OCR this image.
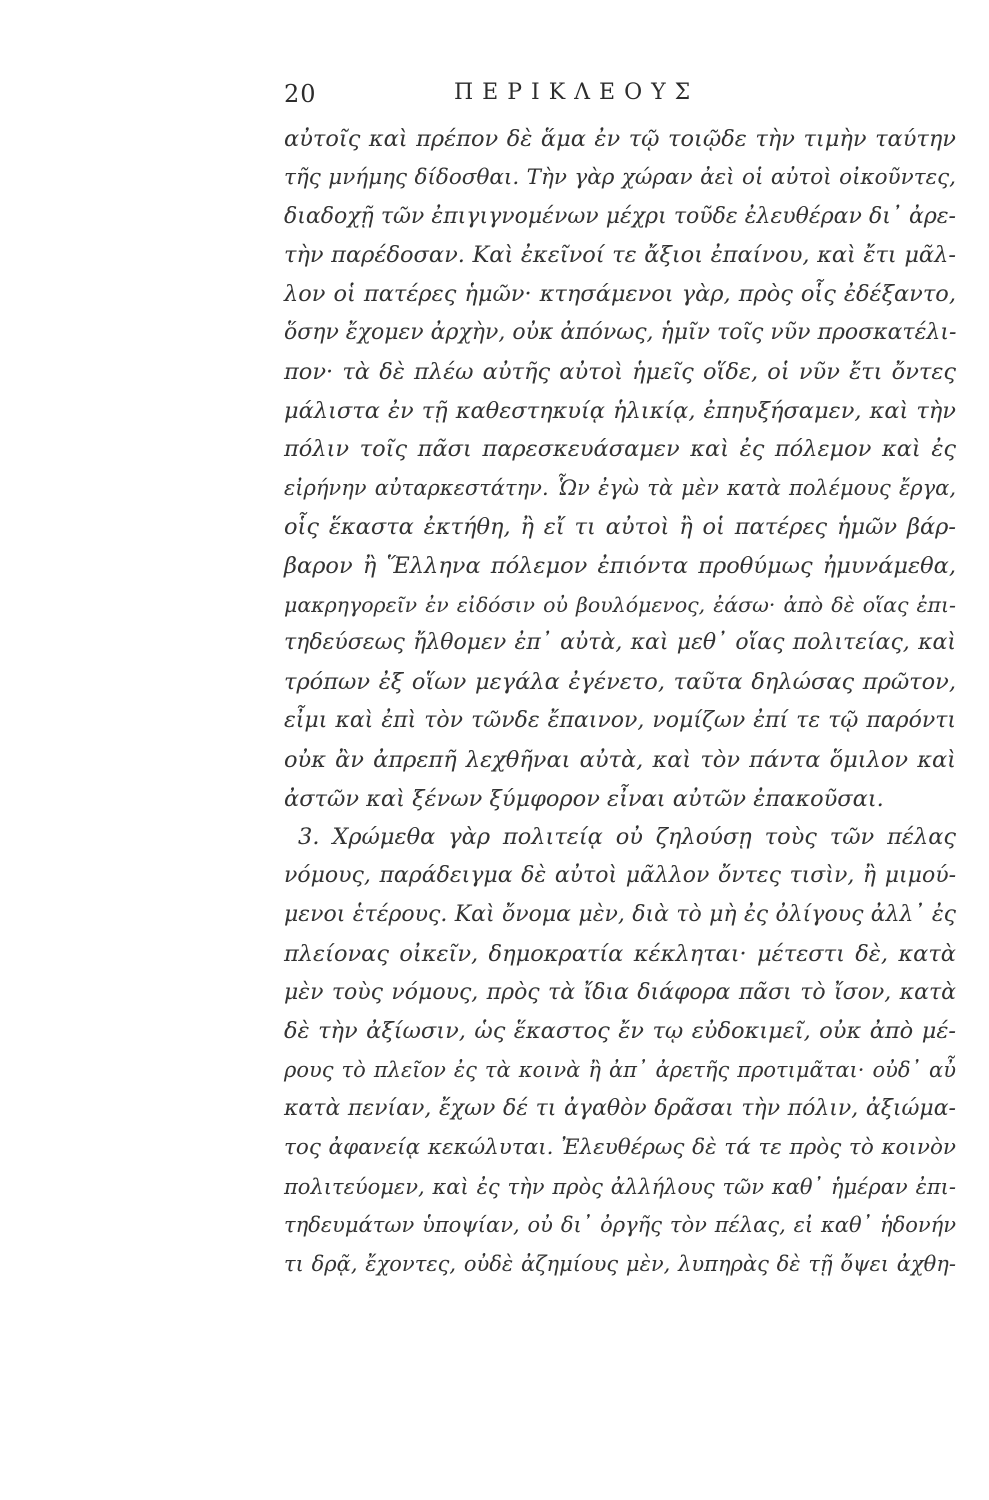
20	ΠΕΡΙΚΛΕΟΥΣ
αὐτοῖς καὶ πρέπον δὲ ἅμα ἐν τῷ τοιῷδε τὴν τιμὴν ταύτην
τῆς μνήμης δίδοσθαι. Τὴν γὰρ χώραν ἀεὶ οἱ αὐτοὶ οἰκοῦντες,
διαδοχῇ τῶν ἐπιγιγνομένων μέχρι τοῦδε ἐλευθέραν δι᾽ ἀρε-
τὴν παρέδοσαν. Καὶ ἐκεῖνοί τε ἄξιοι ἐπαίνου, καὶ ἔτι μᾶλ-
λον οἱ πατέρες ἡμῶν· κτησάμενοι γὰρ, πρὸς οἷς ἐδέξαντο,
ὅσην ἔχομεν ἀρχὴν, οὐκ ἀπόνως, ἡμῖν τοῖς νῦν προσκατέλι-
πον· τὰ δὲ πλέω αὐτῆς αὐτοὶ ἡμεῖς οἵδε, οἱ νῦν ἔτι ὄντες
μάλιστα ἐν τῇ καθεστηκυίᾳ ἡλικίᾳ, ἐπηυξήσαμεν, καὶ τὴν
πόλιν τοῖς πᾶσι παρεσκευάσαμεν καὶ ἐς πόλεμον καὶ ἐς
εἰρήνην αὐταρκεστάτην. Ὧν ἐγὼ τὰ μὲν κατὰ πολέμους ἔργα,
οἷς ἕκαστα ἐκτήθη, ἢ εἴ τι αὐτοὶ ἢ οἱ πατέρες ἡμῶν βάρ-
βαρον ἢ Ἕλληνα πόλεμον ἐπιόντα προθύμως ἠμυνάμεθα,
μακρηγορεῖν ἐν εἰδόσιν οὐ βουλόμενος, ἐάσω· ἀπὸ δὲ οἵας ἐπι-
τηδεύσεως ἤλθομεν ἐπ᾽ αὐτὰ, καὶ μεθ᾽ οἵας πολιτείας, καὶ
τρόπων ἐξ οἵων μεγάλα ἐγένετο, ταῦτα δηλώσας πρῶτον,
εἶμι καὶ ἐπὶ τὸν τῶνδε ἔπαινον, νομίζων ἐπί τε τῷ παρόντι
οὐκ ἂν ἀπρεπῆ λεχθῆναι αὐτὰ, καὶ τὸν πάντα ὅμιλον καὶ
ἀστῶν καὶ ξένων ξύμφορον εἶναι αὐτῶν ἐπακοῦσαι.
3. Χρώμεθα γὰρ πολιτείᾳ οὐ ζηλούσῃ τοὺς τῶν πέλας
νόμους, παράδειγμα δὲ αὐτοὶ μᾶλλον ὄντες τισὶν, ἢ μιμού-
μενοι ἑτέρους. Καὶ ὄνομα μὲν, διὰ τὸ μὴ ἐς ὀλίγους ἀλλ᾽ ἐς
πλείονας οἰκεῖν, δημοκρατία κέκληται· μέτεστι δὲ, κατὰ
μὲν τοὺς νόμους, πρὸς τὰ ἴδια διάφορα πᾶσι τὸ ἴσον, κατὰ
δὲ τὴν ἀξίωσιν, ὡς ἕκαστος ἔν τῳ εὐδοκιμεῖ, οὐκ ἀπὸ μέ-
ρους τὸ πλεῖον ἐς τὰ κοινὰ ἢ ἀπ᾽ ἀρετῆς προτιμᾶται· οὐδ᾽ αὖ
κατὰ πενίαν, ἔχων δέ τι ἀγαθὸν δρᾶσαι τὴν πόλιν, ἀξιώμα-
τος ἀφανείᾳ κεκώλυται. Ἐλευθέρως δὲ τά τε πρὸς τὸ κοινὸν
πολιτεύομεν, καὶ ἐς τὴν πρὸς ἀλλήλους τῶν καθ᾽ ἡμέραν ἐπι-
τηδευμάτων ὑποψίαν, οὐ δι᾽ ὀργῆς τὸν πέλας, εἰ καθ᾽ ἡδονήν
τι δρᾷ, ἔχοντες, οὐδὲ ἀζημίους μὲν, λυπηρὰς δὲ τῇ ὄψει ἀχθη-
